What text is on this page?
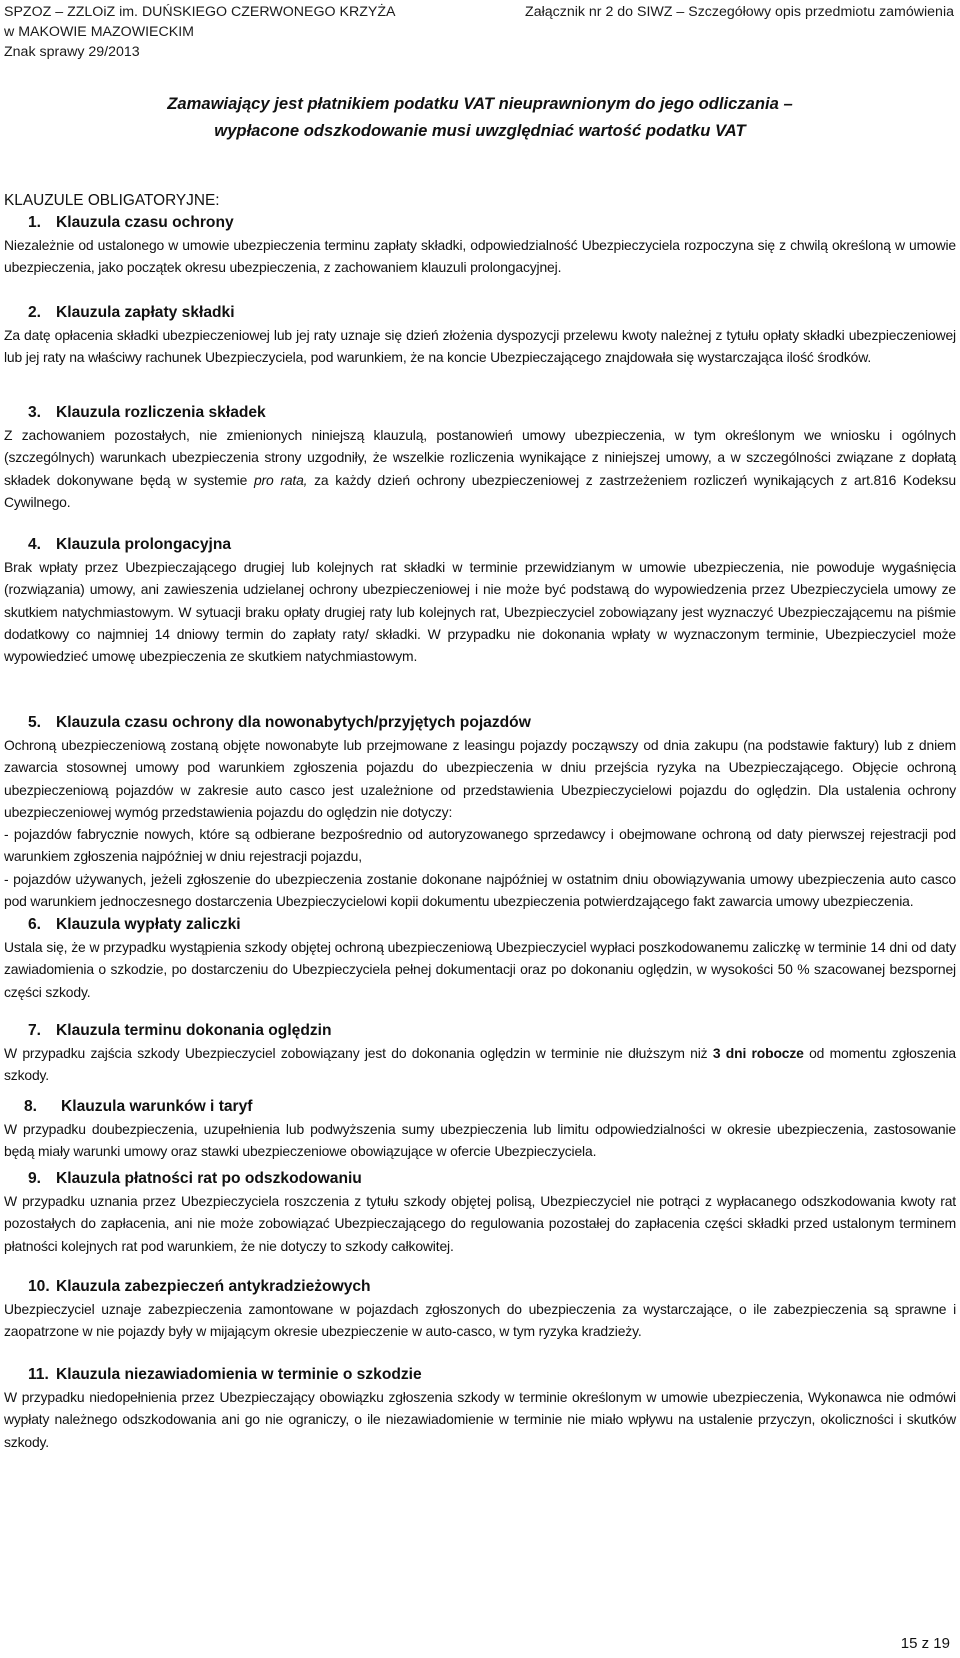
SPZOZ – ZZLOiZ im. DUŃSKIEGO CZERWONEGO KRZYŻA
w MAKOWIE MAZOWIECKIM
Znak sprawy 29/2013
Załącznik nr 2 do SIWZ – Szczegółowy opis przedmiotu zamówienia
Zamawiający jest płatnikiem podatku VAT nieuprawnionym do jego odliczania –
wypłacone odszkodowanie musi uwzględniać wartość podatku VAT
KLAUZULE OBLIGATORYJNE:
1. Klauzula czasu ochrony
Niezależnie od ustalonego w umowie ubezpieczenia terminu zapłaty składki, odpowiedzialność Ubezpieczyciela rozpoczyna się z chwilą określoną w umowie ubezpieczenia, jako początek okresu ubezpieczenia, z zachowaniem klauzuli prolongacyjnej.
2. Klauzula zapłaty składki
Za datę opłacenia składki ubezpieczeniowej lub jej raty uznaje się dzień złożenia dyspozycji przelewu kwoty należnej z tytułu opłaty składki ubezpieczeniowej lub jej raty na właściwy rachunek Ubezpieczyciela, pod warunkiem, że na koncie Ubezpieczającego znajdowała się wystarczająca ilość środków.
3. Klauzula rozliczenia składek
Z zachowaniem pozostałych, nie zmienionych niniejszą klauzulą, postanowień umowy ubezpieczenia, w tym określonym we wniosku i ogólnych (szczególnych) warunkach ubezpieczenia strony uzgodniły, że wszelkie rozliczenia wynikające z niniejszej umowy, a w szczególności związane z dopłatą składek dokonywane będą w systemie pro rata, za każdy dzień ochrony ubezpieczeniowej z zastrzeżeniem rozliczeń wynikających z art.816 Kodeksu Cywilnego.
4. Klauzula prolongacyjna
Brak wpłaty przez Ubezpieczającego drugiej lub kolejnych rat składki w terminie przewidzianym w umowie ubezpieczenia, nie powoduje wygaśnięcia (rozwiązania) umowy, ani zawieszenia udzielanej ochrony ubezpieczeniowej i nie może być podstawą do wypowiedzenia przez Ubezpieczyciela umowy ze skutkiem natychmiastowym. W sytuacji braku opłaty drugiej raty lub kolejnych rat, Ubezpieczyciel zobowiązany jest wyznaczyć Ubezpieczającemu na piśmie dodatkowy co najmniej 14 dniowy termin do zapłaty raty/ składki. W przypadku nie dokonania wpłaty w wyznaczonym terminie, Ubezpieczyciel może wypowiedzieć umowę ubezpieczenia ze skutkiem natychmiastowym.
5. Klauzula czasu ochrony dla nowonabytych/przyjętych pojazdów
Ochroną ubezpieczeniową zostaną objęte nowonabyte lub przejmowane z leasingu pojazdy począwszy od dnia zakupu (na podstawie faktury) lub z dniem zawarcia stosownej umowy pod warunkiem zgłoszenia pojazdu do ubezpieczenia w dniu przejścia ryzyka na Ubezpieczającego. Objęcie ochroną ubezpieczeniową pojazdów w zakresie auto casco jest uzależnione od przedstawienia Ubezpieczycielowi pojazdu do oględzin. Dla ustalenia ochrony ubezpieczeniowej wymóg przedstawienia pojazdu do oględzin nie dotyczy:
- pojazdów fabrycznie nowych, które są odbierane bezpośrednio od autoryzowanego sprzedawcy i obejmowane ochroną od daty pierwszej rejestracji pod warunkiem zgłoszenia najpóźniej w dniu rejestracji pojazdu,
- pojazdów używanych, jeżeli zgłoszenie do ubezpieczenia zostanie dokonane najpóźniej w ostatnim dniu obowiązywania umowy ubezpieczenia auto casco pod warunkiem jednoczesnego dostarczenia Ubezpieczycielowi kopii dokumentu ubezpieczenia potwierdzającego fakt zawarcia umowy ubezpieczenia.
6. Klauzula wypłaty zaliczki
Ustala się, że w przypadku wystąpienia szkody objętej ochroną ubezpieczeniową Ubezpieczyciel wypłaci poszkodowanemu zaliczkę w terminie 14 dni od daty zawiadomienia o szkodzie, po dostarczeniu do Ubezpieczyciela pełnej dokumentacji oraz po dokonaniu oględzin, w wysokości 50 % szacowanej bezspornej części szkody.
7. Klauzula terminu dokonania oględzin
W przypadku zajścia szkody Ubezpieczyciel zobowiązany jest do dokonania oględzin w terminie nie dłuższym niż 3 dni robocze od momentu zgłoszenia szkody.
8. Klauzula warunków i taryf
W przypadku doubezpieczenia, uzupełnienia lub podwyższenia sumy ubezpieczenia lub limitu odpowiedzialności w okresie ubezpieczenia, zastosowanie będą miały warunki umowy oraz stawki ubezpieczeniowe obowiązujące w ofercie Ubezpieczyciela.
9. Klauzula płatności rat po odszkodowaniu
W przypadku uznania przez Ubezpieczyciela roszczenia z tytułu szkody objętej polisą, Ubezpieczyciel nie potrąci z wypłacanego odszkodowania kwoty rat pozostałych do zapłacenia, ani nie może zobowiązać Ubezpieczającego do regulowania pozostałej do zapłacenia części składki przed ustalonym terminem płatności kolejnych rat pod warunkiem, że nie dotyczy to szkody całkowitej.
10. Klauzula zabezpieczeń antykradzieżowych
Ubezpieczyciel uznaje zabezpieczenia zamontowane w pojazdach zgłoszonych do ubezpieczenia za wystarczające, o ile zabezpieczenia są sprawne i zaopatrzone w nie pojazdy były w mijającym okresie ubezpieczenie w auto-casco, w tym ryzyka kradzieży.
11. Klauzula niezawiadomienia w terminie o szkodzie
W przypadku niedopełnienia przez Ubezpieczający obowiązku zgłoszenia szkody w terminie określonym w umowie ubezpieczenia, Wykonawca nie odmówi wypłaty należnego odszkodowania ani go nie ograniczy, o ile niezawiadomienie w terminie nie miało wpływu na ustalenie przyczyn, okoliczności i skutków szkody.
15 z 19
